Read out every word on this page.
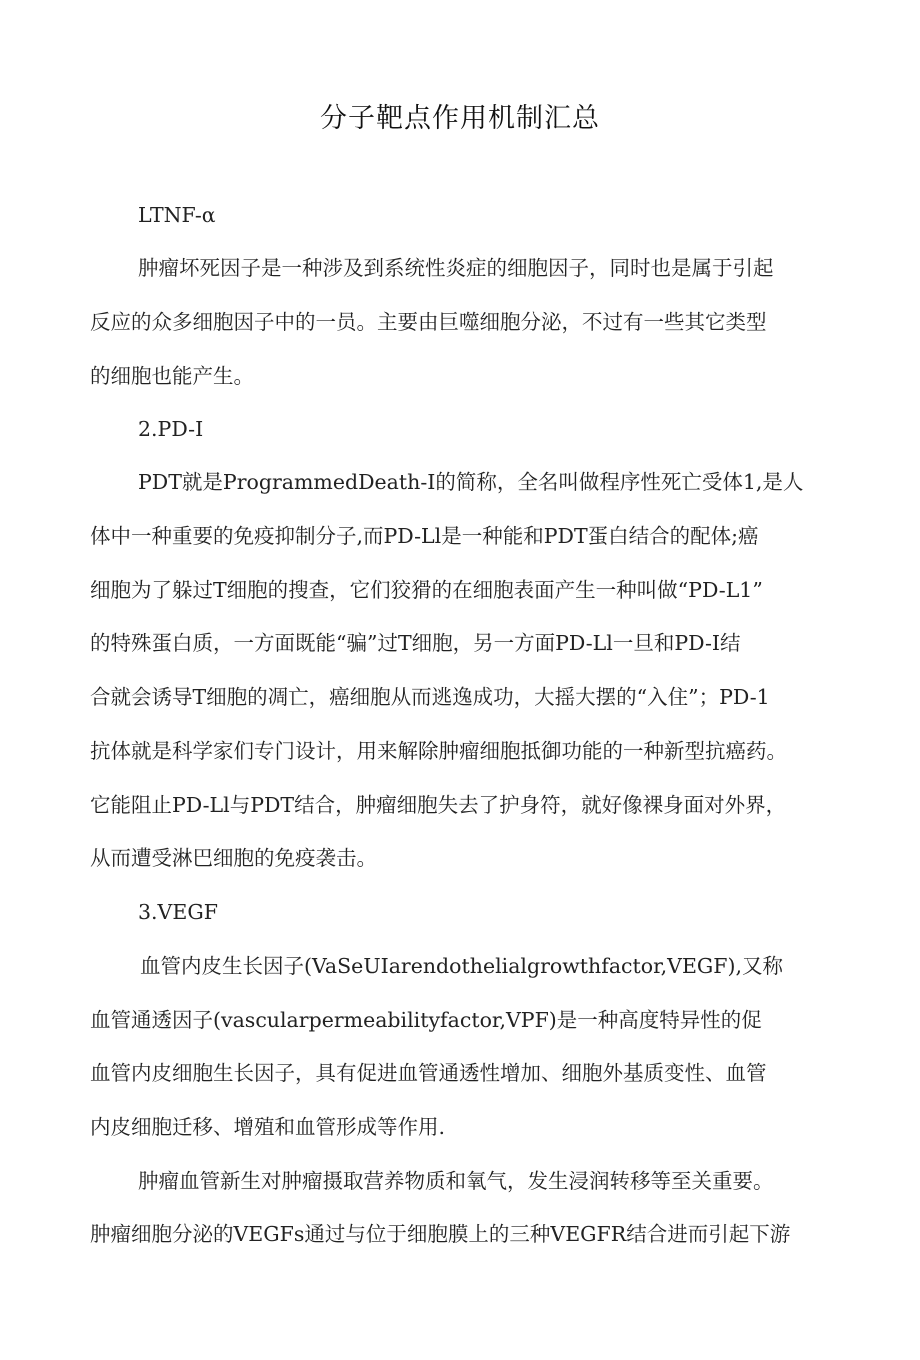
分子靶点作用机制汇总
LTNF-α
肿瘤坏死因子是一种涉及到系统性炎症的细胞因子，同时也是属于引起
反应的众多细胞因子中的一员。主要由巨噬细胞分泌，不过有一些其它类型
的细胞也能产生。
2.PD-I
PDT就是ProgrammedDeath-I的简称，全名叫做程序性死亡受体1,是人
体中一种重要的免疫抑制分子,而PD-Ll是一种能和PDT蛋白结合的配体;癌
细胞为了躲过T细胞的搜查，它们狡猾的在细胞表面产生一种叫做“PD-L1”
的特殊蛋白质，一方面既能“骗”过T细胞，另一方面PD-Ll一旦和PD-I结
合就会诱导T细胞的凋亡，癌细胞从而逃逸成功，大摇大摆的“入住”；PD-1
抗体就是科学家们专门设计，用来解除肿瘤细胞抵御功能的一种新型抗癌药。
它能阻止PD-Ll与PDT结合，肿瘤细胞失去了护身符，就好像裸身面对外界，
从而遭受淋巴细胞的免疫袭击。
3.VEGF
血管内皮生长因子(VaSeUIarendothelialgrowthfactor,VEGF),又称
血管通透因子(vascularpermeabilityfactor,VPF)是一种高度特异性的促
血管内皮细胞生长因子，具有促进血管通透性增加、细胞外基质变性、血管
内皮细胞迁移、增殖和血管形成等作用.
肿瘤血管新生对肿瘤摄取营养物质和氧气，发生浸润转移等至关重要。
肿瘤细胞分泌的VEGFs通过与位于细胞膜上的三种VEGFR结合进而引起下游
